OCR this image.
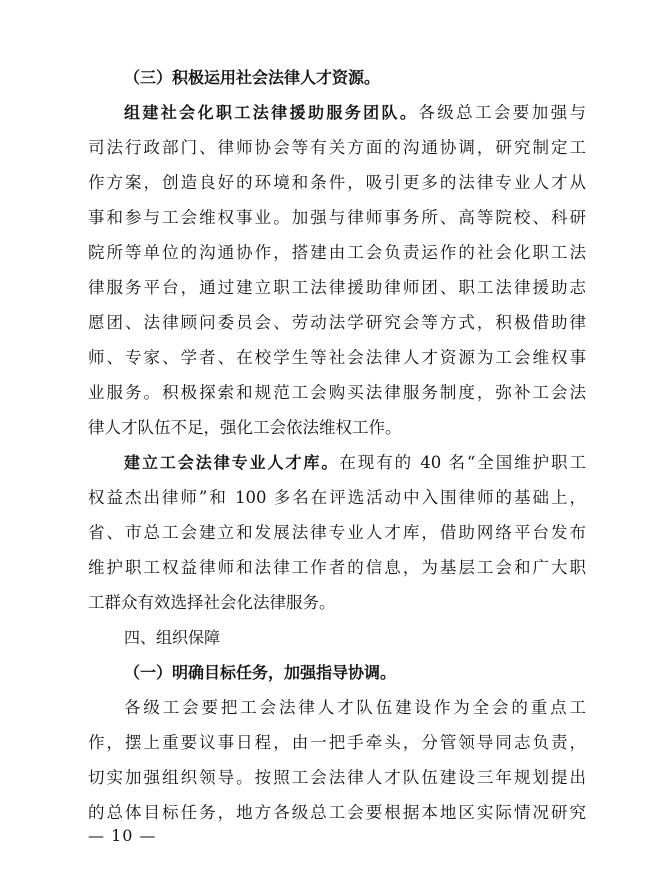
（三）积极运用社会法律人才资源。
组建社会化职工法律援助服务团队。各级总工会要加强与
司法行政部门、律师协会等有关方面的沟通协调，研究制定工
作方案，创造良好的环境和条件，吸引更多的法律专业人才从
事和参与工会维权事业。加强与律师事务所、高等院校、科研
院所等单位的沟通协作，搭建由工会负责运作的社会化职工法
律服务平台，通过建立职工法律援助律师团、职工法律援助志
愿团、法律顾问委员会、劳动法学研究会等方式，积极借助律
师、专家、学者、在校学生等社会法律人才资源为工会维权事
业服务。积极探索和规范工会购买法律服务制度，弥补工会法
律人才队伍不足，强化工会依法维权工作。
建立工会法律专业人才库。在现有的 40 名“全国维护职工
权益杰出律师”和 100 多名在评选活动中入围律师的基础上，
省、市总工会建立和发展法律专业人才库，借助网络平台发布
维护职工权益律师和法律工作者的信息，为基层工会和广大职
工群众有效选择社会化法律服务。
四、组织保障
（一）明确目标任务，加强指导协调。
各级工会要把工会法律人才队伍建设作为全会的重点工
作，摆上重要议事日程，由一把手牵头，分管领导同志负责，
切实加强组织领导。按照工会法律人才队伍建设三年规划提出
的总体目标任务，地方各级总工会要根据本地区实际情况研究
— 10 —
